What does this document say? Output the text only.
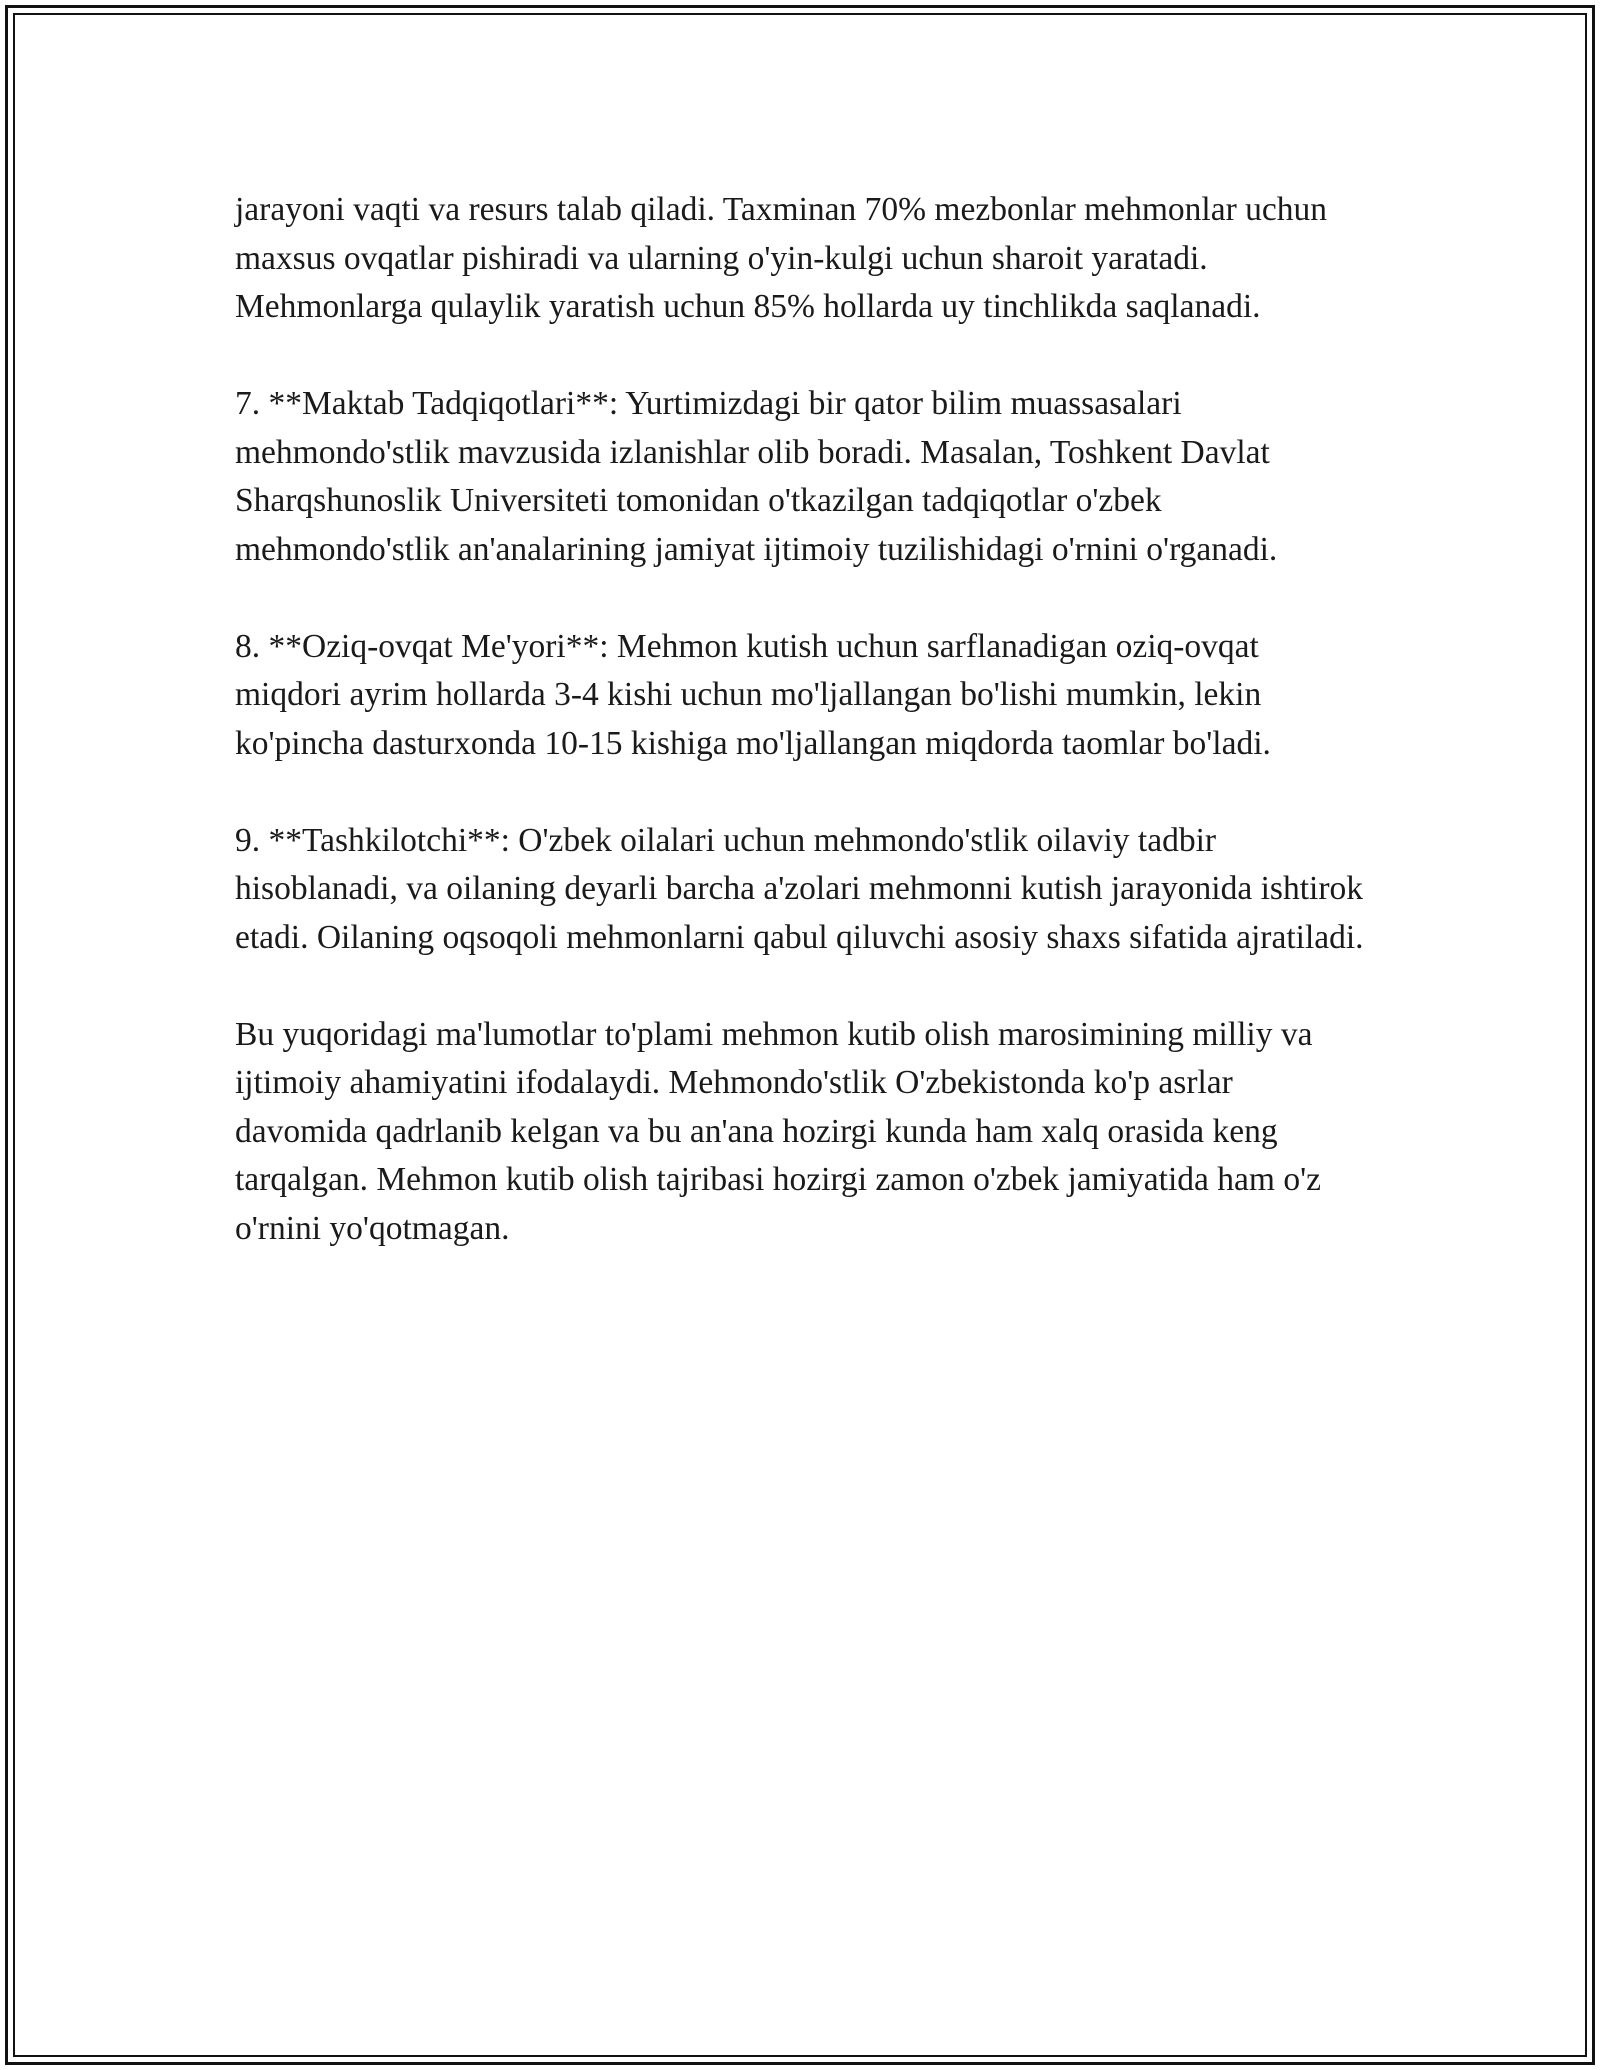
jarayoni vaqti va resurs talab qiladi. Taxminan 70% mezbonlar mehmonlar uchun maxsus ovqatlar pishiradi va ularning o'yin-kulgi uchun sharoit yaratadi. Mehmonlarga qulaylik yaratish uchun 85% hollarda uy tinchlikda saqlanadi.

7. **Maktab Tadqiqotlari**: Yurtimizdagi bir qator bilim muassasalari mehmondo'stlik mavzusida izlanishlar olib boradi. Masalan, Toshkent Davlat Sharqshunoslik Universiteti tomonidan o'tkazilgan tadqiqotlar o'zbek mehmondo'stlik an'analarining jamiyat ijtimoiy tuzilishidagi o'rnini o'rganadi.

8. **Oziq-ovqat Me'yori**: Mehmon kutish uchun sarflanadigan oziq-ovqat miqdori ayrim hollarda 3-4 kishi uchun mo'ljallangan bo'lishi mumkin, lekin ko'pincha dasturxonda 10-15 kishiga mo'ljallangan miqdorda taomlar bo'ladi.

9. **Tashkilotchi**: O'zbek oilalari uchun mehmondo'stlik oilaviy tadbir hisoblanadi, va oilaning deyarli barcha a'zolari mehmonni kutish jarayonida ishtirok etadi. Oilaning oqsoqoli mehmonlarni qabul qiluvchi asosiy shaxs sifatida ajratiladi.

Bu yuqoridagi ma'lumotlar to'plami mehmon kutib olish marosimining milliy va ijtimoiy ahamiyatini ifodalaydi. Mehmondo'stlik O'zbekistonda ko'p asrlar davomida qadrlanib kelgan va bu an'ana hozirgi kunda ham xalq orasida keng tarqalgan. Mehmon kutib olish tajribasi hozirgi zamon o'zbek jamiyatida ham o'z o'rnini yo'qotmagan.
